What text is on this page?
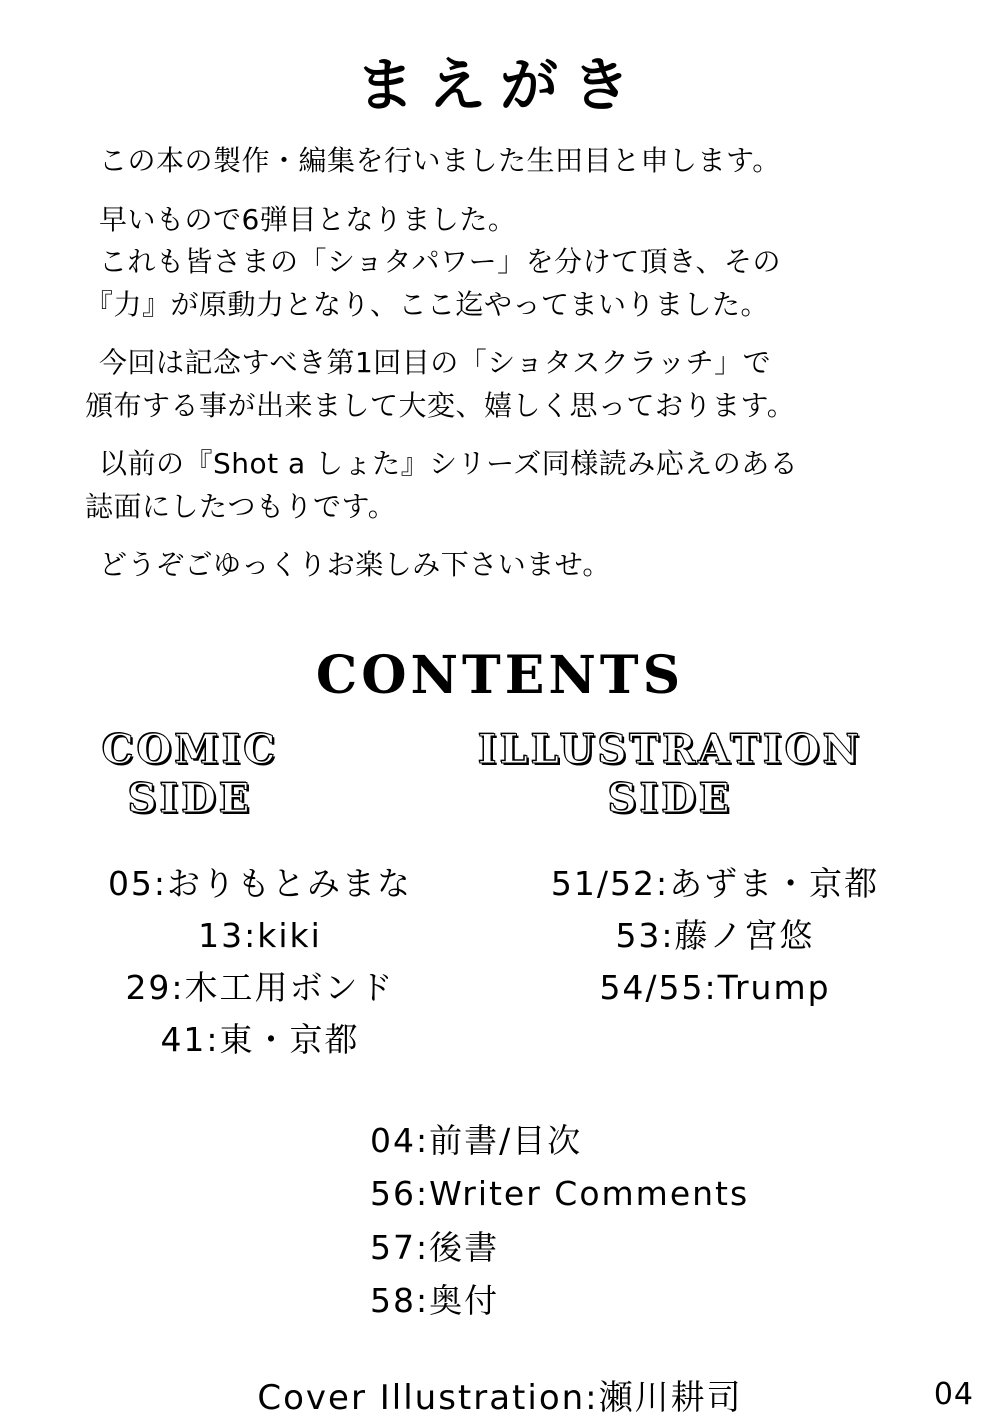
まえがき

この本の製作・編集を行いました生田目と申します。

早いもので6弾目となりました。
これも皆さまの「ショタパワー」を分けて頂き、その
『力』が原動力となり、ここ迄やってまいりました。

今回は記念すべき第1回目の「ショタスクラッチ」で
頒布する事が出来まして大変、嬉しく思っております。

以前の『Shot a しょた』シリーズ同様読み応えのある
誌面にしたつもりです。

どうぞごゆっくりお楽しみ下さいませ。

CONTENTS
COMIC
SIDE
ILLUSTRATION
SIDE
05:おりもとみまな
13:kiki
29:木工用ボンド
41:東・京都
51/52:あずま・京都
53:藤ノ宮悠
54/55:Trump
04:前書/目次
56:Writer Comments
57:後書
58:奥付
Cover Illustration:瀬川耕司	04
